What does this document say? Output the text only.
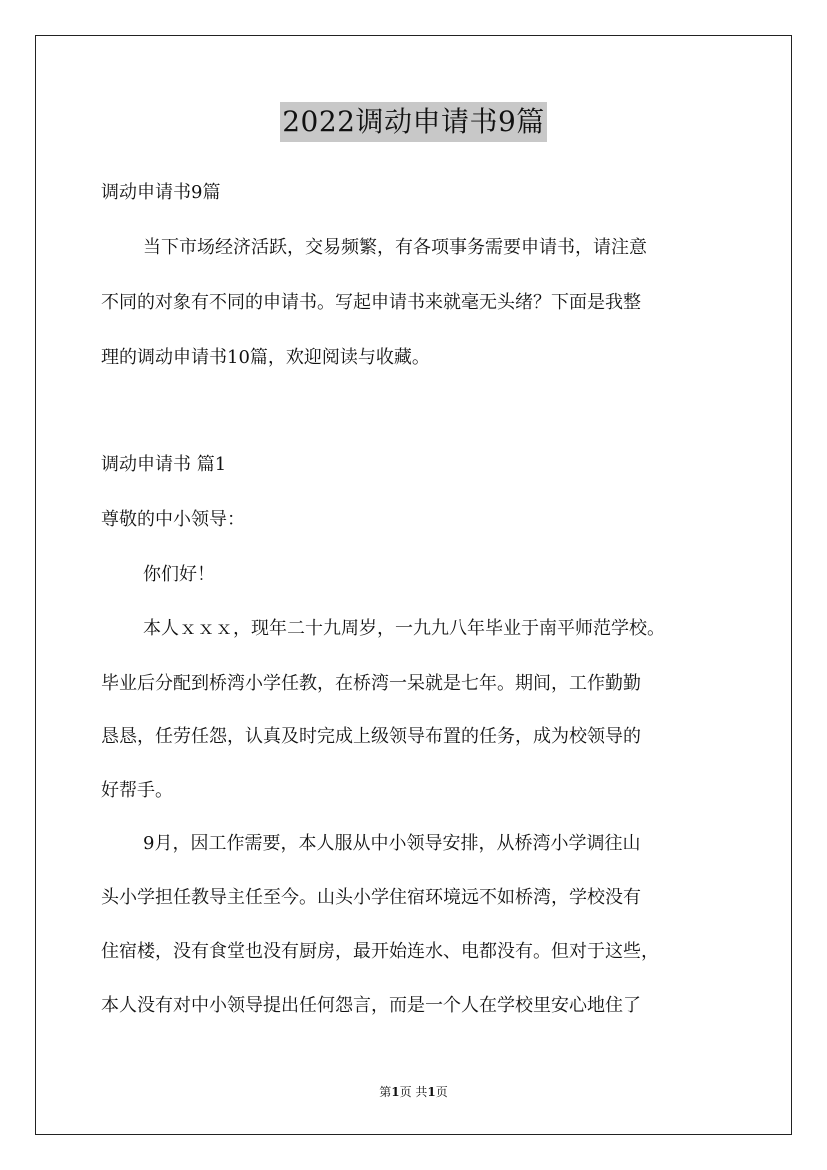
2022调动申请书9篇
调动申请书9篇
当下市场经济活跃，交易频繁，有各项事务需要申请书，请注意
不同的对象有不同的申请书。写起申请书来就毫无头绪？下面是我整
理的调动申请书10篇，欢迎阅读与收藏。
调动申请书 篇1
尊敬的中小领导：
你们好！
本人ｘｘｘ，现年二十九周岁，一九九八年毕业于南平师范学校。
毕业后分配到桥湾小学任教，在桥湾一呆就是七年。期间，工作勤勤
恳恳，任劳任怨，认真及时完成上级领导布置的任务，成为校领导的
好帮手。
9月，因工作需要，本人服从中小领导安排，从桥湾小学调往山
头小学担任教导主任至今。山头小学住宿环境远不如桥湾，学校没有
住宿楼，没有食堂也没有厨房，最开始连水、电都没有。但对于这些，
本人没有对中小领导提出任何怨言，而是一个人在学校里安心地住了
第1页 共1页
